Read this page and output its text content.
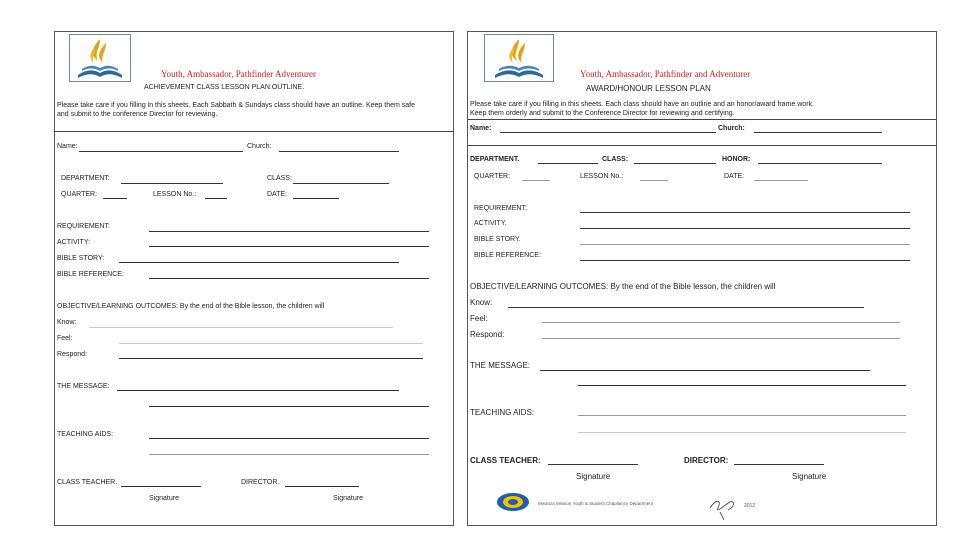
Youth, Ambassador, Pathfinder Adventurer
ACHIEVEMENT CLASS LESSON PLAN OUTLINE.
Please take care if you filling in this sheets. Each Sabbath & Sundays class should have an outline. Keep them safe
and submit to the conference Director for reviewing.
Name:	Church:
DEPARTMENT:	CLASS:
QUARTER:	LESSON No.:	DATE:
REQUIREMENT:
ACTIVITY:
BIBLE STORY:
BIBLE REFERENCE:
OBJECTIVE/LEARNING OUTCOMES: By the end of the Bible lesson, the children will
Know:
Feel:
Respond:
THE MESSAGE:
TEACHING AIDS:
CLASS TEACHER.	DIRECTOR.
Signature	Signature
Youth, Ambassador, Pathfinder and Adventurer
AWARD/HONOUR LESSON PLAN
Please take care if you filling in this sheets. Each class should have an outline and an honor/award frame work.
Keep them orderly and submit to the Conference Director for reviewing and certifying.
Name:	Church:
DEPARTMENT.	CLASS:	HONOR:
QUARTER:	LESSON No.:	DATE:
REQUIREMENT:
ACTIVITY.
BIBLE STORY.
BIBLE REFERENCE:
OBJECTIVE/LEARNING OUTCOMES: By the end of the Bible lesson, the children will
Know:
Feel:
Respond:
THE MESSAGE:
TEACHING AIDS:
CLASS TEACHER:	DIRECTOR:
Signature	Signature
Mwanza Mission Youth & Student Chaplaincy Department	2012
